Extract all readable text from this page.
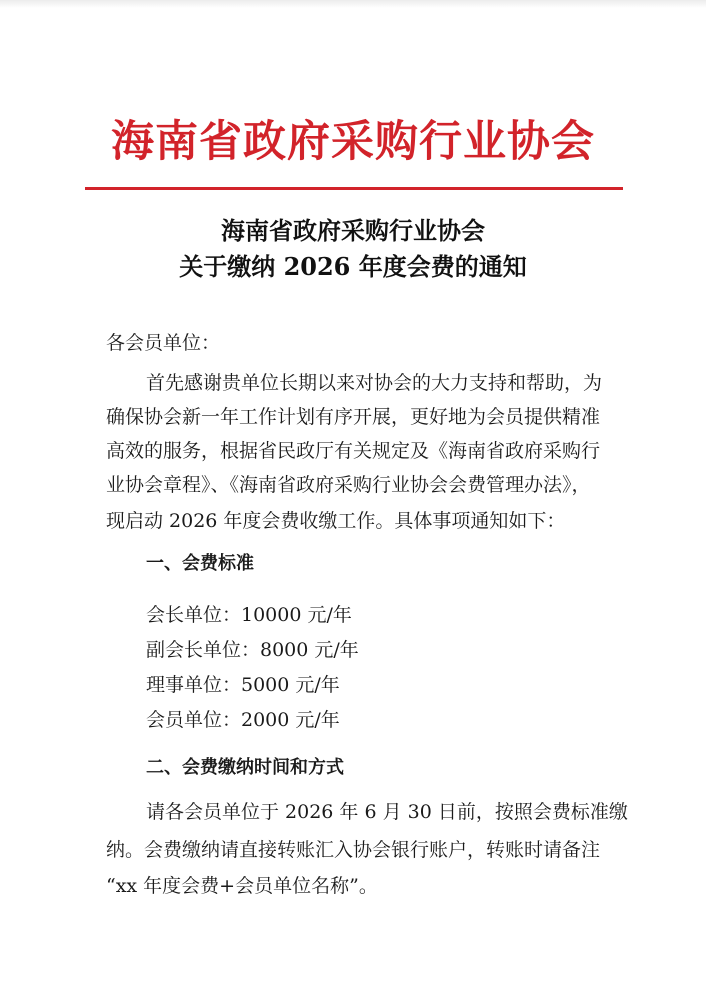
海南省政府采购行业协会
海南省政府采购行业协会
关于缴纳 2026 年度会费的通知
各会员单位：
首先感谢贵单位长期以来对协会的大力支持和帮助，为
确保协会新一年工作计划有序开展，更好地为会员提供精准
高效的服务，根据省民政厅有关规定及《海南省政府采购行
业协会章程》、《海南省政府采购行业协会会费管理办法》，
现启动 2026 年度会费收缴工作。具体事项通知如下：
一、会费标准
会长单位：10000 元/年
副会长单位：8000 元/年
理事单位：5000 元/年
会员单位：2000 元/年
二、会费缴纳时间和方式
请各会员单位于 2026 年 6 月 30 日前，按照会费标准缴
纳。会费缴纳请直接转账汇入协会银行账户，转账时请备注
“xx 年度会费+会员单位名称”。
